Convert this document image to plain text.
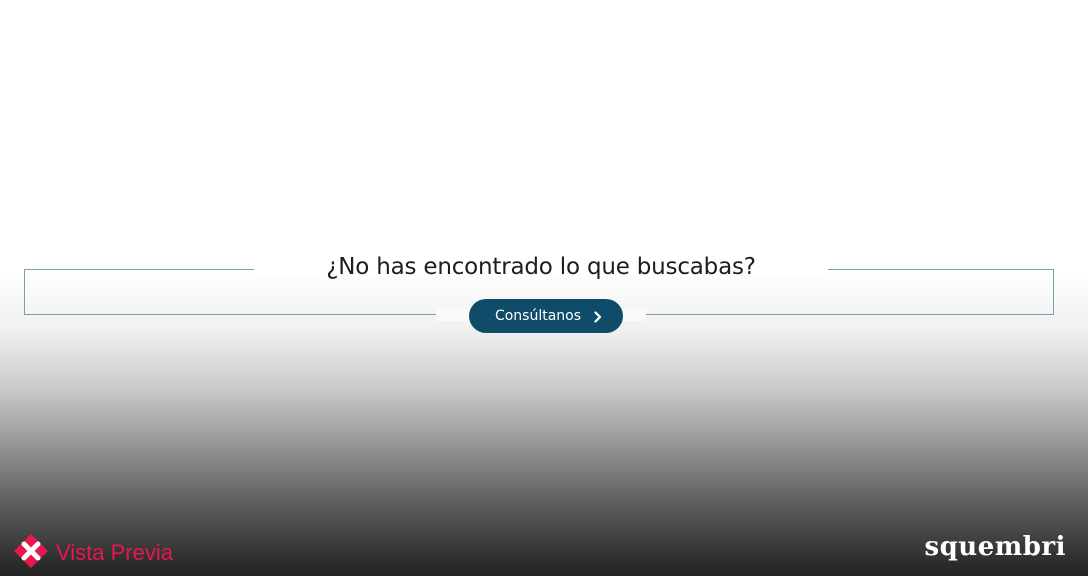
¿No has encontrado lo que buscabas?
Consúltanos
Vista Previa	squembri
